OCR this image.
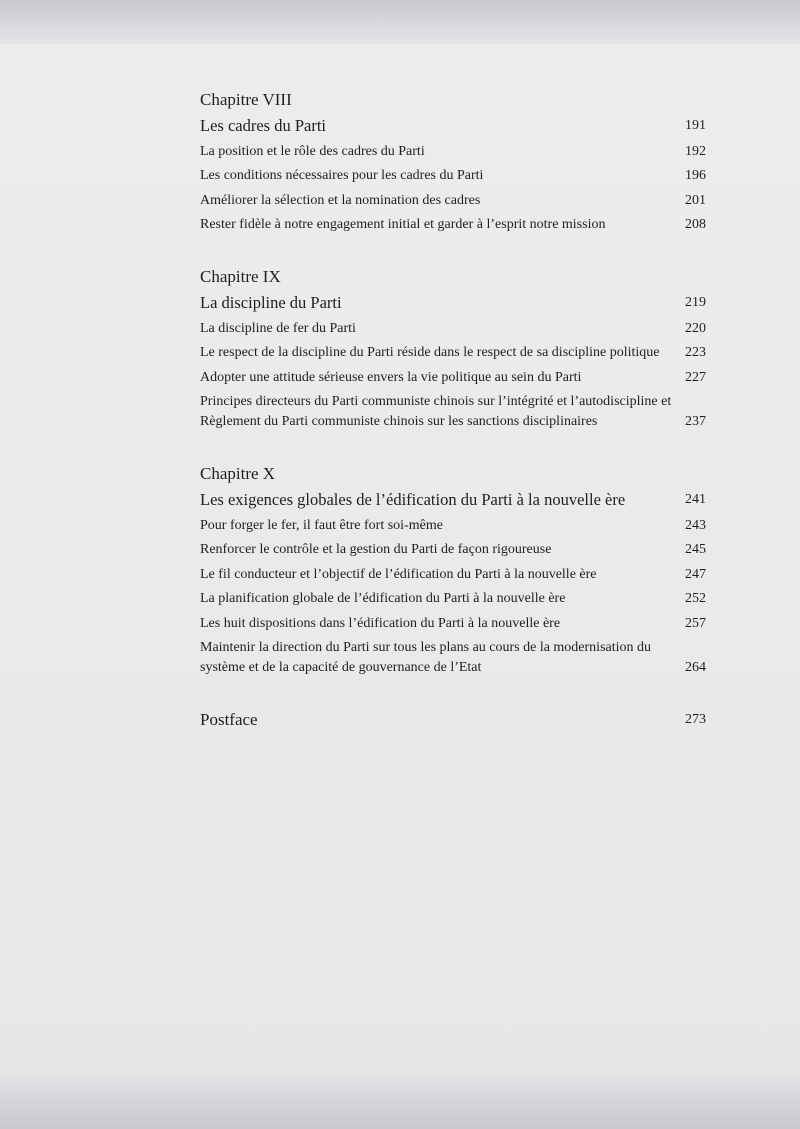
Chapitre VIII
Les cadres du Parti	191
La position et le rôle des cadres du Parti	192
Les conditions nécessaires pour les cadres du Parti	196
Améliorer la sélection et la nomination des cadres	201
Rester fidèle à notre engagement initial et garder à l’esprit notre mission	208
Chapitre IX
La discipline du Parti	219
La discipline de fer du Parti	220
Le respect de la discipline du Parti réside dans le respect de sa discipline politique	223
Adopter une attitude sérieuse envers la vie politique au sein du Parti	227
Principes directeurs du Parti communiste chinois sur l’intégrité et l’autodiscipline et Règlement du Parti communiste chinois sur les sanctions disciplinaires	237
Chapitre X
Les exigences globales de l’édification du Parti à la nouvelle ère	241
Pour forger le fer, il faut être fort soi-même	243
Renforcer le contrôle et la gestion du Parti de façon rigoureuse	245
Le fil conducteur et l’objectif de l’édification du Parti à la nouvelle ère	247
La planification globale de l’édification du Parti à la nouvelle ère	252
Les huit dispositions dans l’édification du Parti à la nouvelle ère	257
Maintenir la direction du Parti sur tous les plans au cours de la modernisation du système et de la capacité de gouvernance de l’Etat	264
Postface	273
